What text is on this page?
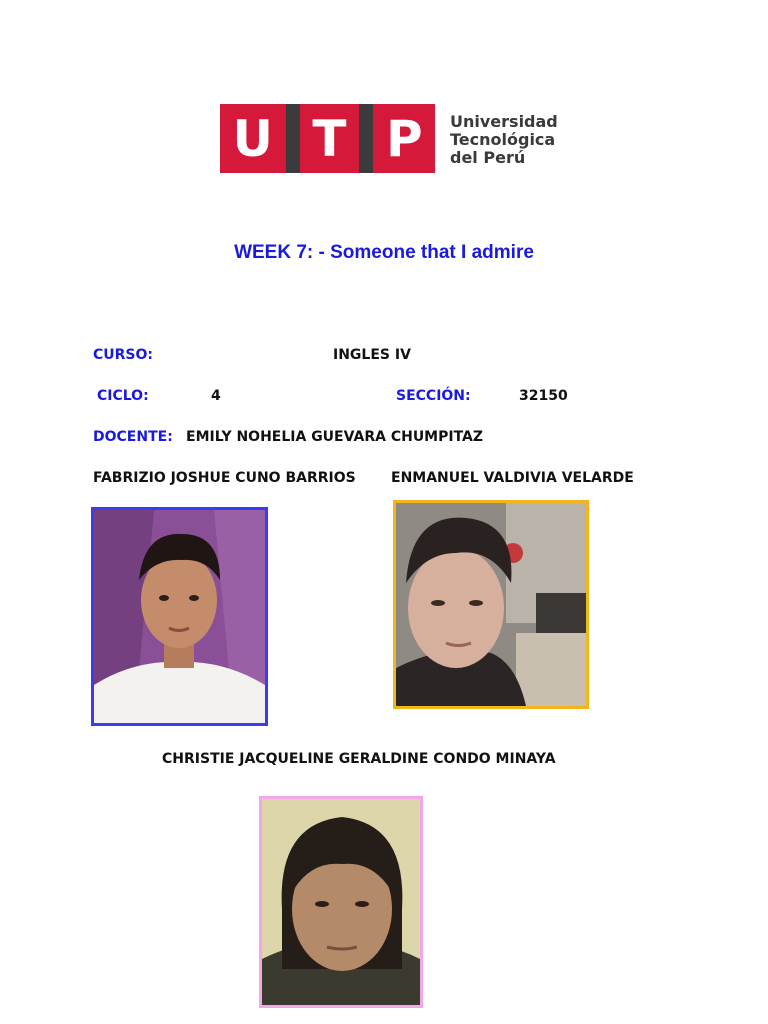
U T P Universidad
Tecnológica
del Perú
WEEK 7: - Someone that I admire
CURSO:	INGLES IV
CICLO:	4	SECCIÓN:	32150
DOCENTE: EMILY NOHELIA GUEVARA CHUMPITAZ
FABRIZIO JOSHUE CUNO BARRIOS	ENMANUEL VALDIVIA VELARDE
CHRISTIE JACQUELINE GERALDINE CONDO MINAYA
